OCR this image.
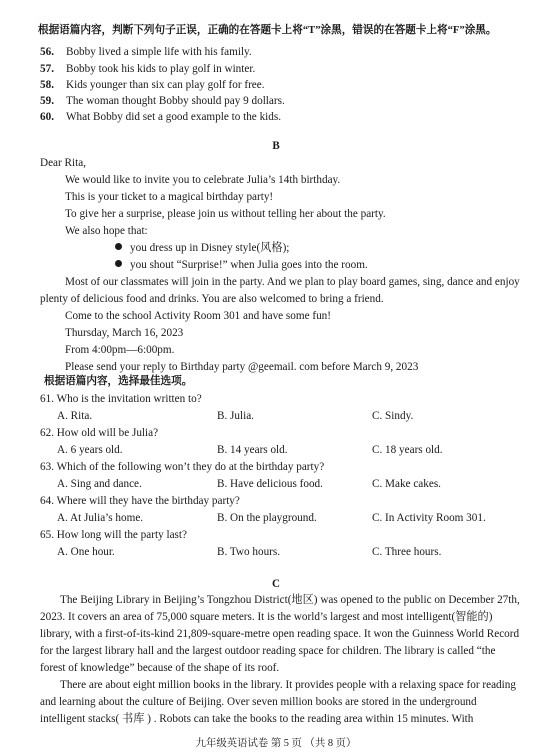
根据语篇内容，判断下列句子正误，正确的在答题卡上将“T”涂黑，错误的在答题卡上将“F”涂黑。
56. Bobby lived a simple life with his family.
57. Bobby took his kids to play golf in winter.
58. Kids younger than six can play golf for free.
59. The woman thought Bobby should pay 9 dollars.
60. What Bobby did set a good example to the kids.
B
Dear Rita,
We would like to invite you to celebrate Julia’s 14th birthday.
This is your ticket to a magical birthday party!
To give her a surprise, please join us without telling her about the party.
We also hope that:
you dress up in Disney style(风格);
you shout “Surprise!” when Julia goes into the room.
Most of our classmates will join in the party. And we plan to play board games, sing, dance and enjoy
plenty of delicious food and drinks. You are also welcomed to bring a friend.
Come to the school Activity Room 301 and have some fun!
Thursday, March 16, 2023
From 4:00pm—6:00pm.
Please send your reply to Birthday party @geemail. com before March 9, 2023
根据语篇内容，选择最佳选项。
61. Who is the invitation written to?
A. Rita.	B. Julia.	C. Sindy.
62. How old will be Julia?
A. 6 years old.	B. 14 years old.	C. 18 years old.
63. Which of the following won’t they do at the birthday party?
A. Sing and dance.	B. Have delicious food.	C. Make cakes.
64. Where will they have the birthday party?
A. At Julia’s home.	B. On the playground.	C. In Activity Room 301.
65. How long will the party last?
A. One hour.	B. Two hours.	C. Three hours.
C
The Beijing Library in Beijing’s Tongzhou District(地区) was opened to the public on December 27th,
2023. It covers an area of 75,000 square meters. It is the world’s largest and most intelligent(智能的)
library, with a first-of-its-kind 21,809-square-metre open reading space. It won the Guinness World Record
for the largest library hall and the largest outdoor reading space for children. The library is called “the
forest of knowledge” because of the shape of its roof.
There are about eight million books in the library. It provides people with a relaxing space for reading
and learning about the culture of Beijing. Over seven million books are stored in the underground
intelligent stacks( 书库 ) . Robots can take the books to the reading area within 15 minutes. With
九年级英语试卷 第 5 页 （共 8 页）
